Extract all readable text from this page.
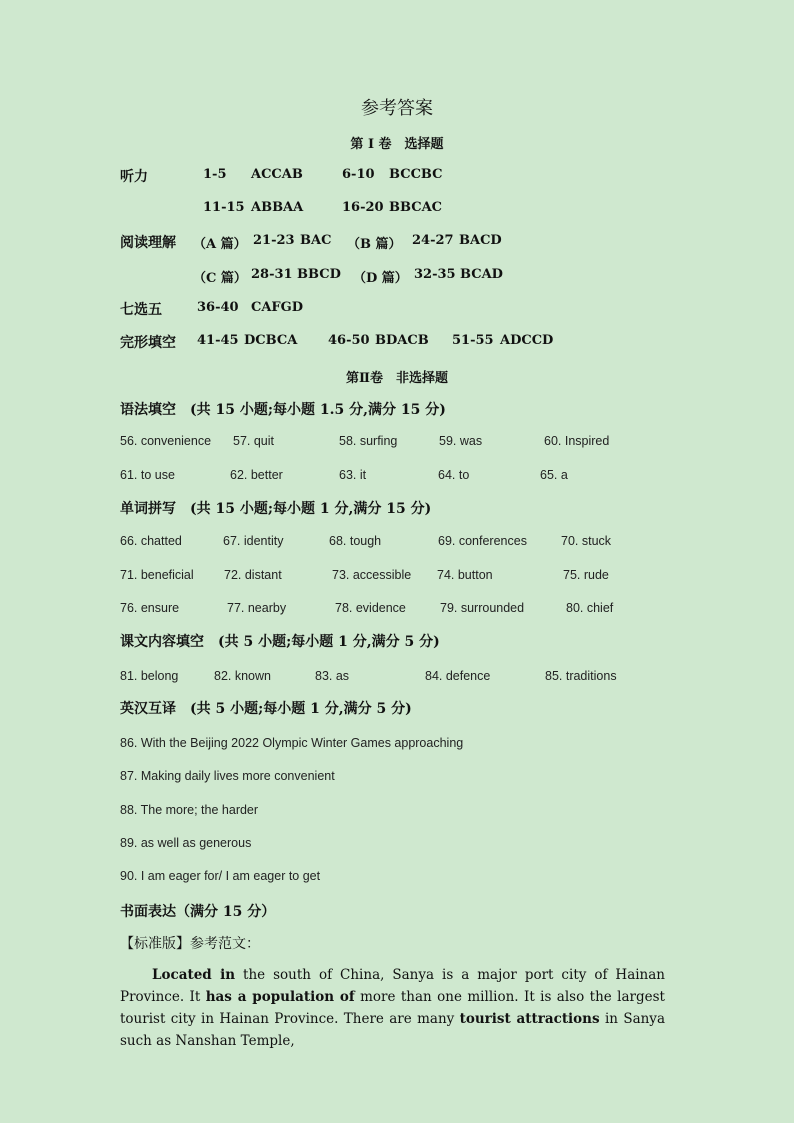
参考答案
第 Ⅰ 卷　选择题
听力	1-5 ACCAB	6-10 BCCBC
11-15 ABBAA	16-20 BBCAC
阅读理解 （A 篇） 21-23 BAC （B 篇） 24-27 BACD
（C 篇） 28-31 BBCD （D 篇） 32-35 BCAD
七选五	36-40 CAFGD
完形填空 41-45 DCBCA 46-50 BDACB 51-55 ADCCD
第Ⅱ卷　非选择题
语法填空　(共 15 小题;每小题 1.5 分,满分 15 分)
56. convenience 57. quit	58. surfing	59. was	60. Inspired
61. to use	62. better	63. it	64. to	65. a
单词拼写　(共 15 小题;每小题 1 分,满分 15 分)
66. chatted	67. identity	68. tough	69. conferences	70. stuck
71. beneficial 72. distant	73. accessible 74. button	75. rude
76. ensure	77. nearby	78. evidence	79. surrounded	80. chief
课文内容填空　(共 5 小题;每小题 1 分,满分 5 分)
81. belong	82. known	83. as	84. defence	85. traditions
英汉互译　(共 5 小题;每小题 1 分,满分 5 分)
86. With the Beijing 2022 Olympic Winter Games approaching
87. Making daily lives more convenient
88. The more; the harder
89. as well as generous
90. I am eager for/ I am eager to get
书面表达（满分 15 分）
【标准版】参考范文：
Located in the south of China, Sanya is a major port city of Hainan Province. It has a population of more than one million. It is also the largest tourist city in Hainan Province. There are many tourist attractions in Sanya such as Nanshan Temple,
